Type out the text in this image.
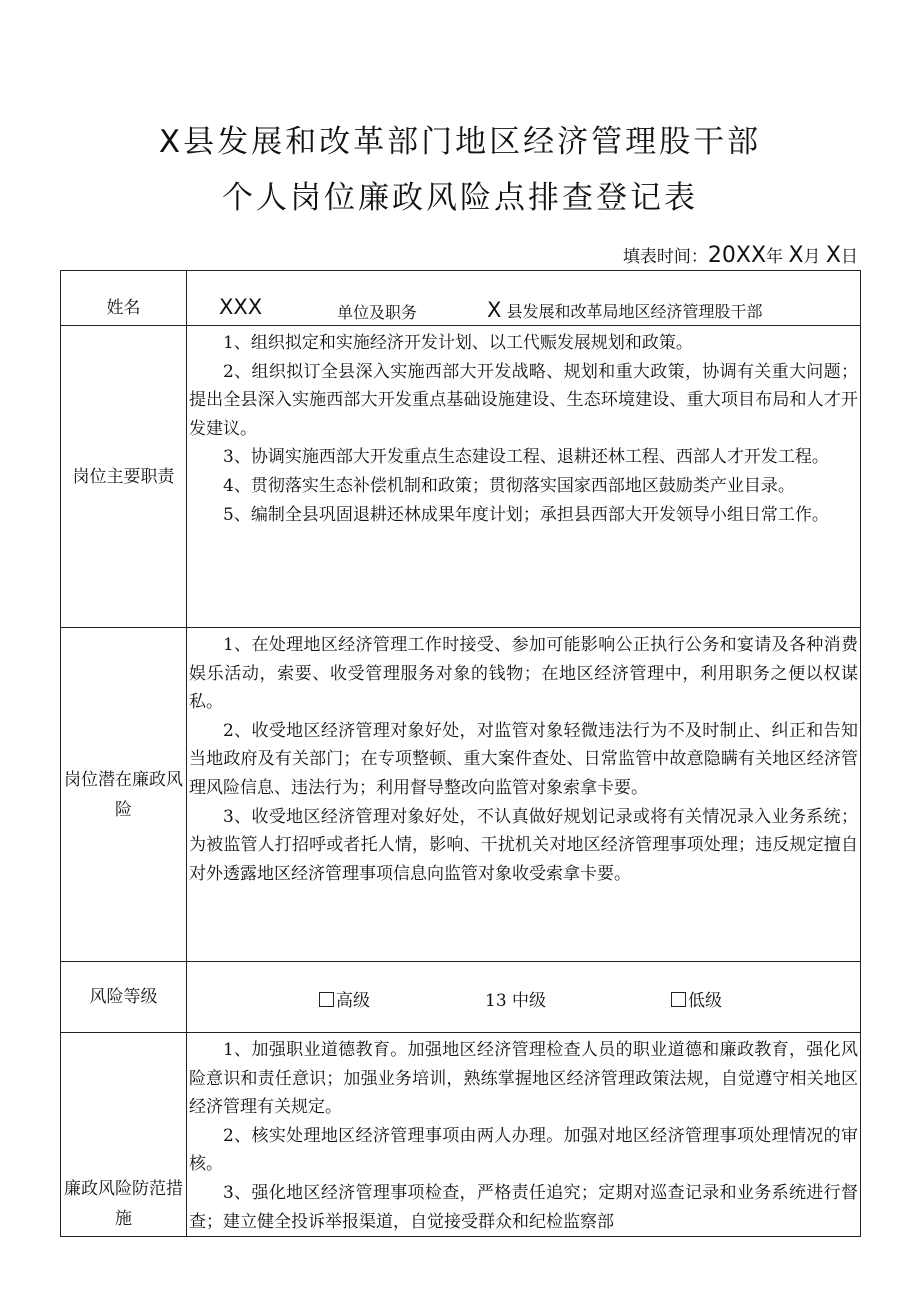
X县发展和改革部门地区经济管理股干部
个人岗位廉政风险点排查登记表
填表时间：20XX年 X月 X日
姓名	XXX 单位及职务 X 县发展和改革局地区经济管理股干部

岗位主要职责	1、组织拟定和实施经济开发计划、以工代赈发展规划和政策。

2、组织拟订全县深入实施西部大开发战略、规划和重大政策，协调有关重大问题；提出全县深入实施西部大开发重点基础设施建设、生态环境建设、重大项目布局和人才开发建议。

3、协调实施西部大开发重点生态建设工程、退耕还林工程、西部人才开发工程。

4、贯彻落实生态补偿机制和政策；贯彻落实国家西部地区鼓励类产业目录。

5、编制全县巩固退耕还林成果年度计划；承担县西部大开发领导小组日常工作。

岗位潜在廉政风险	1、在处理地区经济管理工作时接受、参加可能影响公正执行公务和宴请及各种消费娱乐活动，索要、收受管理服务对象的钱物；在地区经济管理中，利用职务之便以权谋私。

2、收受地区经济管理对象好处，对监管对象轻微违法行为不及时制止、纠正和告知当地政府及有关部门；在专项整顿、重大案件查处、日常监管中故意隐瞒有关地区经济管理风险信息、违法行为；利用督导整改向监管对象索拿卡要。

3、收受地区经济管理对象好处，不认真做好规划记录或将有关情况录入业务系统；为被监管人打招呼或者托人情，影响、干扰机关对地区经济管理事项处理；违反规定擅自对外透露地区经济管理事项信息向监管对象收受索拿卡要。

风险等级	高级 13 中级 低级

廉政风险防范措施	1、加强职业道德教育。加强地区经济管理检查人员的职业道德和廉政教育，强化风险意识和责任意识；加强业务培训，熟练掌握地区经济管理政策法规，自觉遵守相关地区经济管理有关规定。

2、核实处理地区经济管理事项由两人办理。加强对地区经济管理事项处理情况的审核。

3、强化地区经济管理事项检查，严格责任追究；定期对巡查记录和业务系统进行督查；建立健全投诉举报渠道，自觉接受群众和纪检监察部
